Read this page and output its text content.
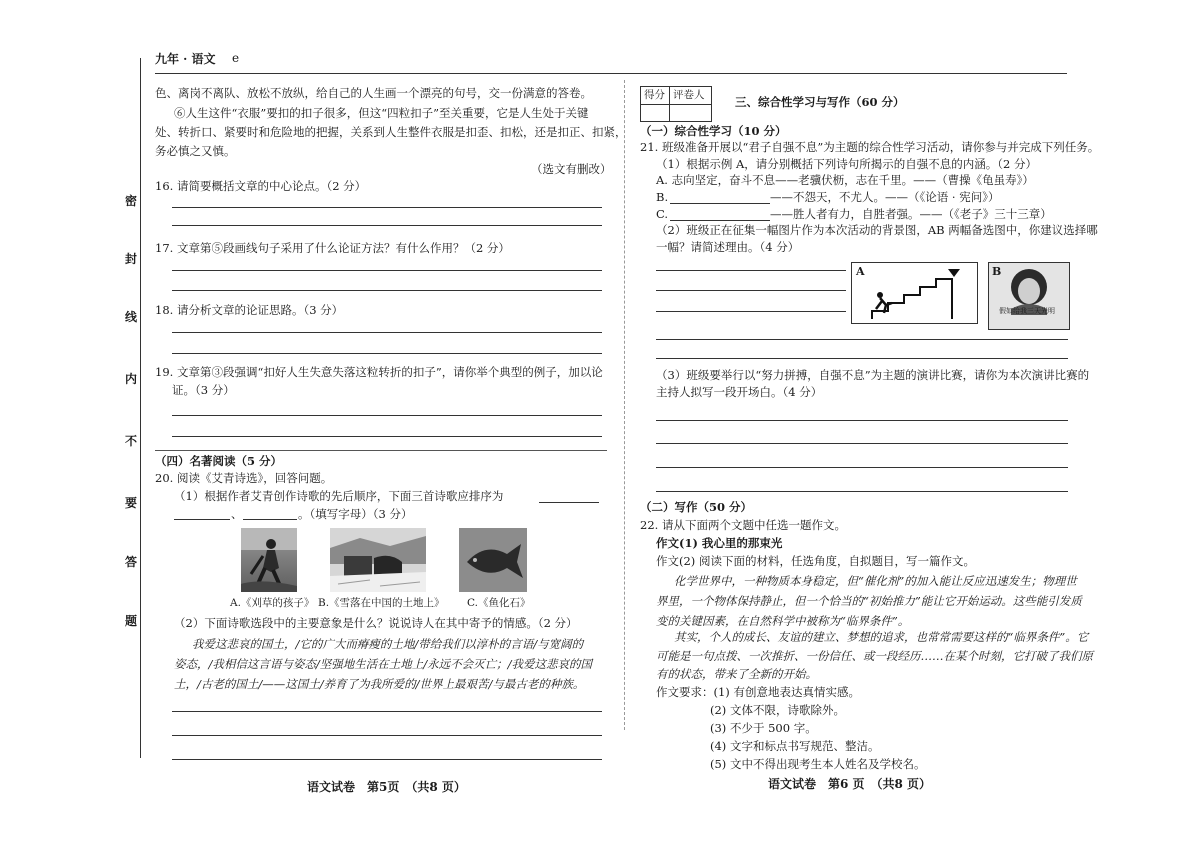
九年 · 语文 e
密
封
线
内
不
要
答
题
色、离岗不离队、放松不放纵，给自己的人生画一个漂亮的句号，交一份满意的答卷。
⑥人生这件“衣服”要扣的扣子很多，但这“四粒扣子”至关重要，它是人生处于关键
处、转折口、紧要时和危险地的把握，关系到人生整件衣服是扣歪、扣松，还是扣正、扣紧，
务必慎之又慎。
（选文有删改）
16. 请简要概括文章的中心论点。（2 分）
17. 文章第⑤段画线句子采用了什么论证方法？有什么作用？（2 分）
18. 请分析文章的论证思路。（3 分）
19. 文章第③段强调“扣好人生失意失落这粒转折的扣子”，请你举个典型的例子，加以论
证。（3 分）
（四）名著阅读（5 分）
20. 阅读《艾青诗选》，回答问题。
（1）根据作者艾青创作诗歌的先后顺序，下面三首诗歌应排序为
、	。（填写字母）（3 分）
A.《刈草的孩子》 B.《雪落在中国的土地上》 C.《鱼化石》
（2）下面诗歌选段中的主要意象是什么？说说诗人在其中寄予的情感。（2 分）
我爱这悲哀的国土，/它的广大而瘠瘦的土地/带给我们以淳朴的言语/与宽阔的
姿态，/我相信这言语与姿态/坚强地生活在土地上/永远不会灭亡；/我爱这悲哀的国
土，/古老的国土/——这国土/养育了为我所爱的/世界上最艰苦/与最古老的种族。
语文试卷　第5页　（共8 页）
得分 评卷人	三、综合性学习与写作（60 分）
（一）综合性学习（10 分）
21. 班级准备开展以“君子自强不息”为主题的综合性学习活动，请你参与并完成下列任务。
（1）根据示例 A，请分别概括下列诗句所揭示的自强不息的内涵。（2 分）
A. 志向坚定，奋斗不息——老骥伏枥，志在千里。——（曹操《龟虽寿》）
B.	——不怨天，不尤人。——（《论语 · 宪问》）
C.	——胜人者有力，自胜者强。——（《老子》三十三章）
（2）班级正在征集一幅图片作为本次活动的背景图，AB 两幅备选图中，你建议选择哪
一幅？请简述理由。（4 分）
A	B
假如给我三天光明
（3）班级要举行以“努力拼搏，自强不息”为主题的演讲比赛，请你为本次演讲比赛的
主持人拟写一段开场白。（4 分）
（二）写作（50 分）
22. 请从下面两个文题中任选一题作文。
作文(1) 我心里的那束光
作文(2) 阅读下面的材料，任选角度，自拟题目，写一篇作文。
化学世界中，一种物质本身稳定，但“催化剂”的加入能让反应迅速发生；物理世
界里，一个物体保持静止，但一个恰当的“初始推力”能让它开始运动。这些能引发质
变的关键因素，在自然科学中被称为“临界条件”。
其实，个人的成长、友谊的建立、梦想的追求，也常常需要这样的“临界条件”。它
可能是一句点拨、一次推折、一份信任、或一段经历……在某个时刻，它打破了我们原
有的状态，带来了全新的开始。
作文要求：(1) 有创意地表达真情实感。
(2) 文体不限，诗歌除外。
(3) 不少于 500 字。
(4) 文字和标点书写规范、整洁。
(5) 文中不得出现考生本人姓名及学校名。
语文试卷　第6 页　（共8 页）
